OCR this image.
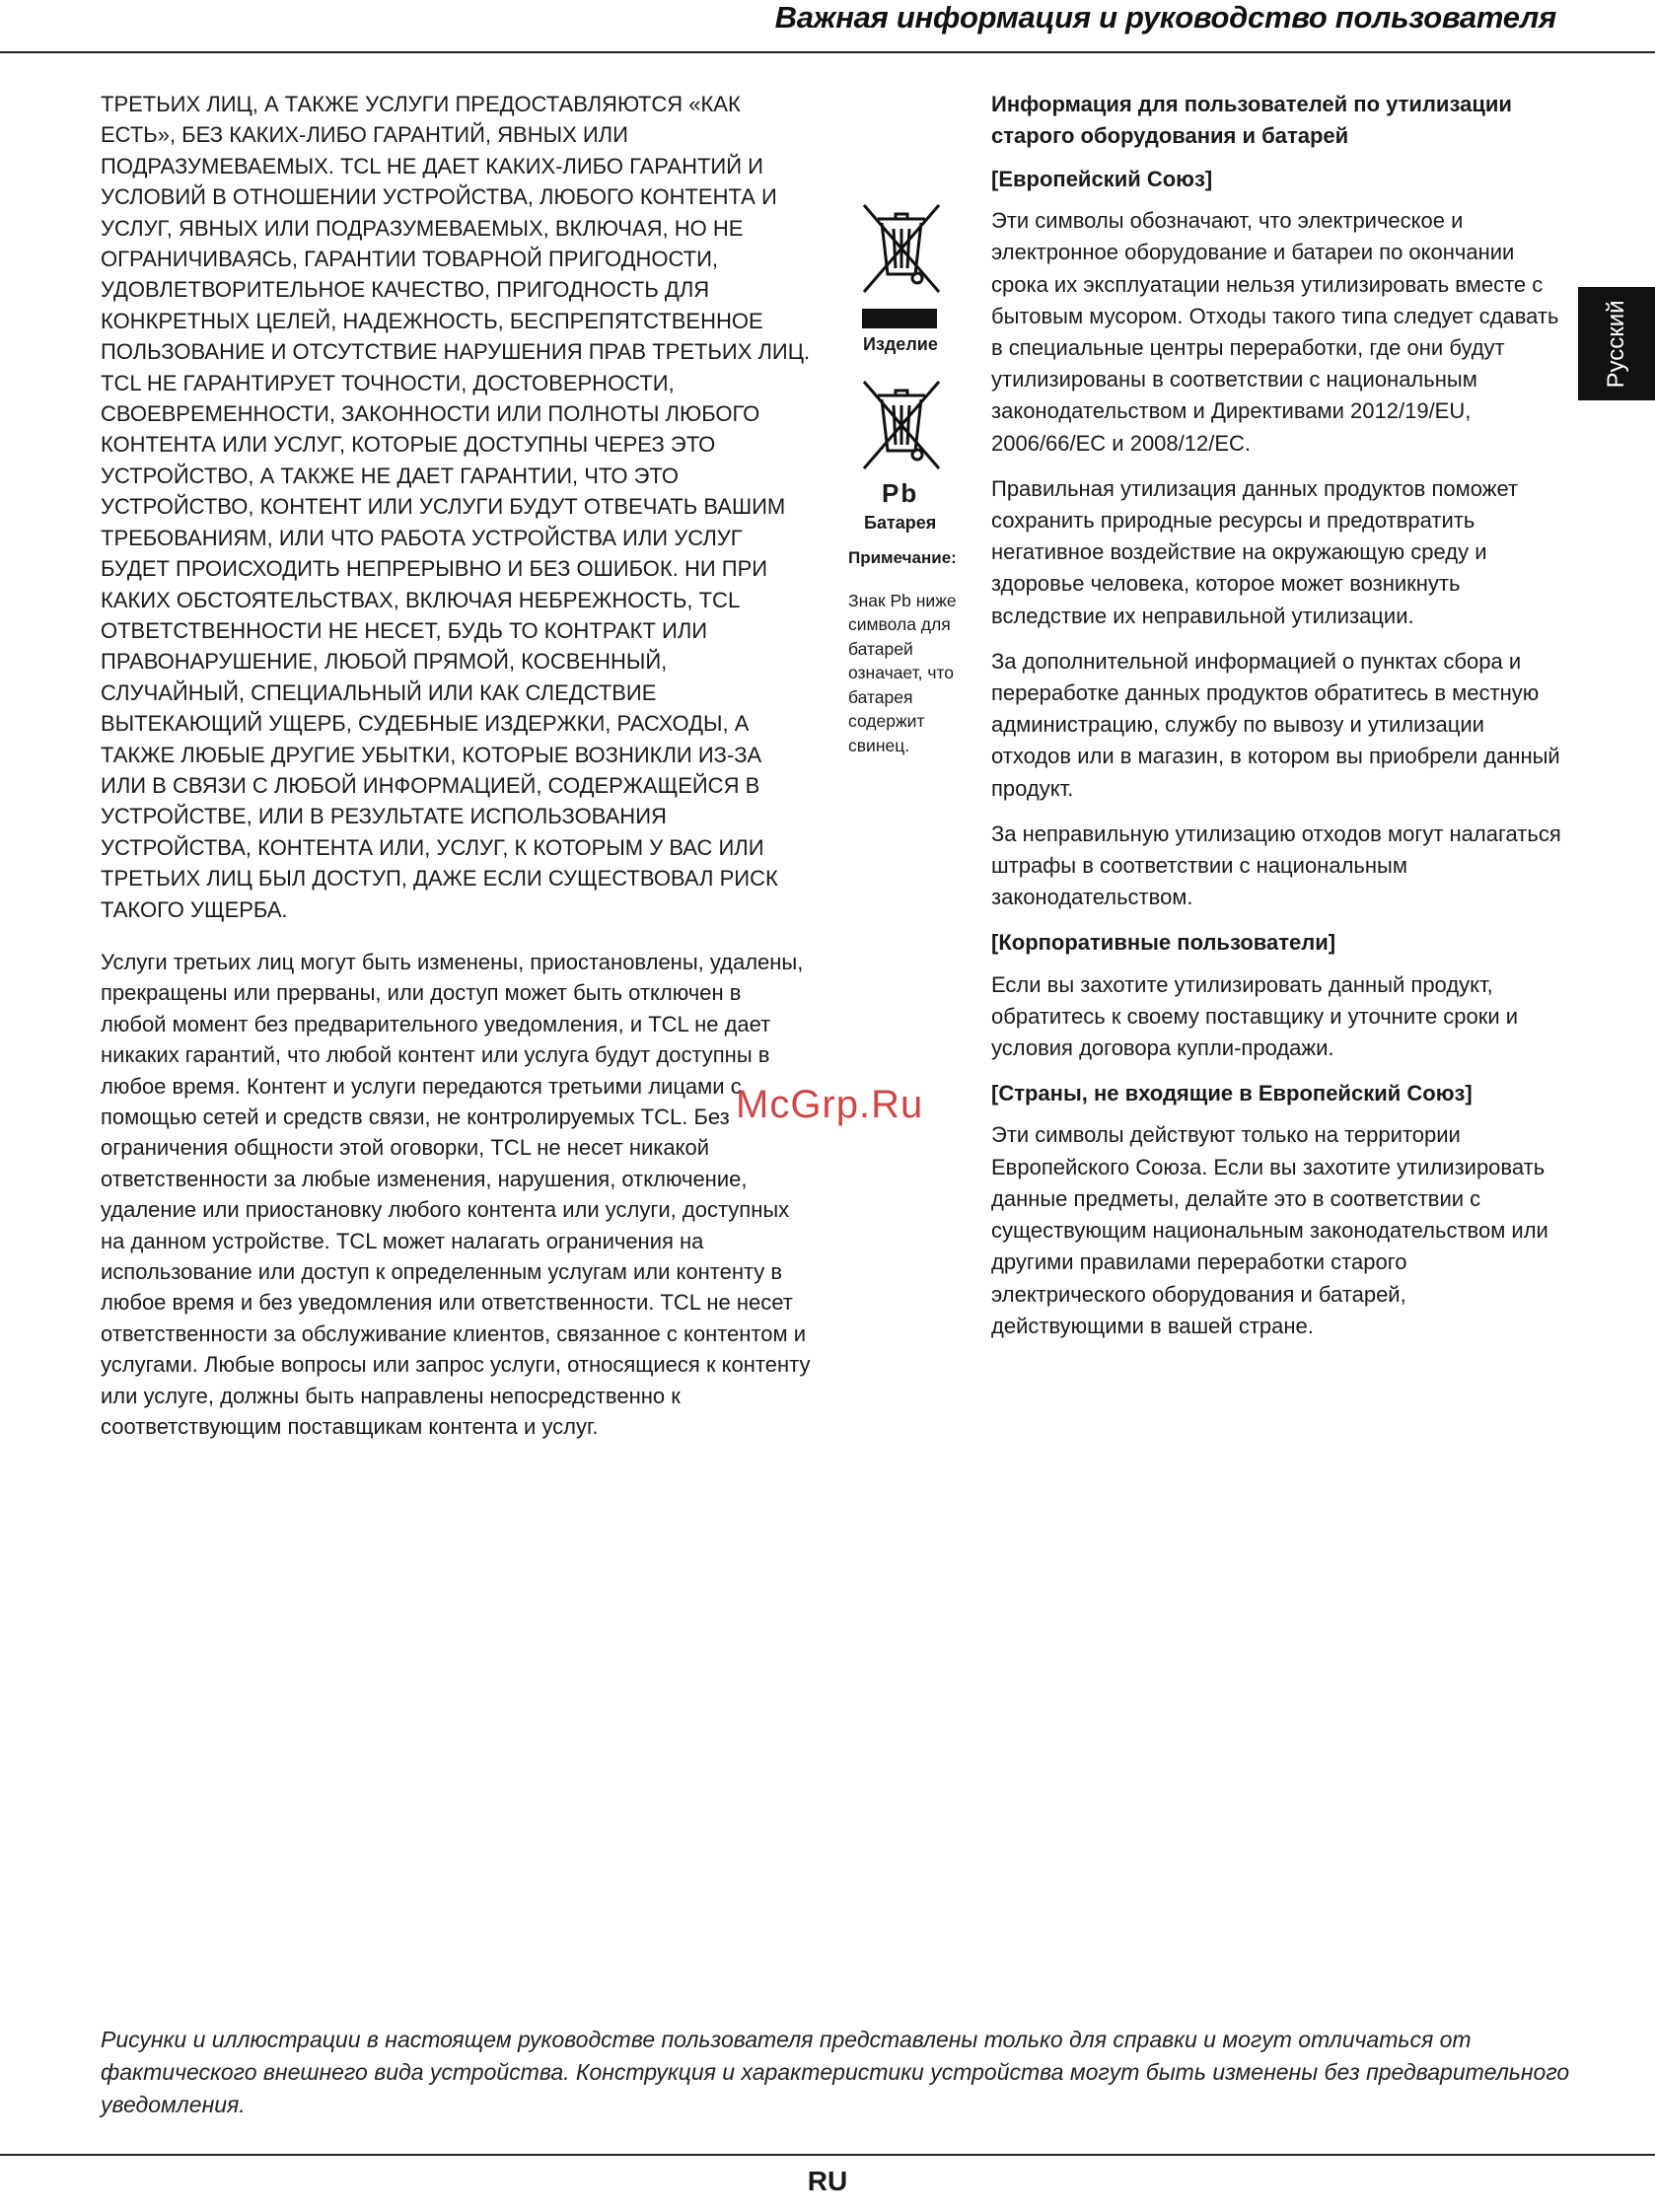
Важная информация и руководство пользователя
Русский

ТРЕТЬИХ ЛИЦ, А ТАКЖЕ УСЛУГИ ПРЕДОСТАВЛЯЮТСЯ «КАК ЕСТЬ», БЕЗ КАКИХ-ЛИБО ГАРАНТИЙ, ЯВНЫХ ИЛИ ПОДРАЗУМЕВАЕМЫХ. TCL НЕ ДАЕТ КАКИХ-ЛИБО ГАРАНТИЙ И УСЛОВИЙ В ОТНОШЕНИИ УСТРОЙСТВА, ЛЮБОГО КОНТЕНТА И УСЛУГ, ЯВНЫХ ИЛИ ПОДРАЗУМЕВАЕМЫХ, ВКЛЮЧАЯ, НО НЕ ОГРАНИЧИВАЯСЬ, ГАРАНТИИ ТОВАРНОЙ ПРИГОДНОСТИ, УДОВЛЕТВОРИТЕЛЬНОЕ КАЧЕСТВО, ПРИГОДНОСТЬ ДЛЯ КОНКРЕТНЫХ ЦЕЛЕЙ, НАДЕЖНОСТЬ, БЕСПРЕПЯТСТВЕННОЕ ПОЛЬЗОВАНИЕ И ОТСУТСТВИЕ НАРУШЕНИЯ ПРАВ ТРЕТЬИХ ЛИЦ. TCL НЕ ГАРАНТИРУЕТ ТОЧНОСТИ, ДОСТОВЕРНОСТИ, СВОЕВРЕМЕННОСТИ, ЗАКОННОСТИ ИЛИ ПОЛНОТЫ ЛЮБОГО КОНТЕНТА ИЛИ УСЛУГ, КОТОРЫЕ ДОСТУПНЫ ЧЕРЕЗ ЭТО УСТРОЙСТВО, А ТАКЖЕ НЕ ДАЕТ ГАРАНТИИ, ЧТО ЭТО УСТРОЙСТВО, КОНТЕНТ ИЛИ УСЛУГИ БУДУТ ОТВЕЧАТЬ ВАШИМ ТРЕБОВАНИЯМ, ИЛИ ЧТО РАБОТА УСТРОЙСТВА ИЛИ УСЛУГ БУДЕТ ПРОИСХОДИТЬ НЕПРЕРЫВНО И БЕЗ ОШИБОК. НИ ПРИ КАКИХ ОБСТОЯТЕЛЬСТВАХ, ВКЛЮЧАЯ НЕБРЕЖНОСТЬ, TCL ОТВЕТСТВЕННОСТИ НЕ НЕСЕТ, БУДЬ ТО КОНТРАКТ ИЛИ ПРАВОНАРУШЕНИЕ, ЛЮБОЙ ПРЯМОЙ, КОСВЕННЫЙ, СЛУЧАЙНЫЙ, СПЕЦИАЛЬНЫЙ ИЛИ КАК СЛЕДСТВИЕ ВЫТЕКАЮЩИЙ УЩЕРБ, СУДЕБНЫЕ ИЗДЕРЖКИ, РАСХОДЫ, А ТАКЖЕ ЛЮБЫЕ ДРУГИЕ УБЫТКИ, КОТОРЫЕ ВОЗНИКЛИ ИЗ-ЗА ИЛИ В СВЯЗИ С ЛЮБОЙ ИНФОРМАЦИЕЙ, СОДЕРЖАЩЕЙСЯ В УСТРОЙСТВЕ, ИЛИ В РЕЗУЛЬТАТЕ ИСПОЛЬЗОВАНИЯ УСТРОЙСТВА, КОНТЕНТА ИЛИ, УСЛУГ, К КОТОРЫМ У ВАС ИЛИ ТРЕТЬИХ ЛИЦ БЫЛ ДОСТУП, ДАЖЕ ЕСЛИ СУЩЕСТВОВАЛ РИСК ТАКОГО УЩЕРБА.

Услуги третьих лиц могут быть изменены, приостановлены, удалены, прекращены или прерваны, или доступ может быть отключен в любой момент без предварительного уведомления, и TCL не дает никаких гарантий, что любой контент или услуга будут доступны в любое время. Контент и услуги передаются третьими лицами с помощью сетей и средств связи, не контролируемых TCL. Без ограничения общности этой оговорки, TCL не несет никакой ответственности за любые изменения, нарушения, отключение, удаление или приостановку любого контента или услуги, доступных на данном устройстве. TCL может налагать ограничения на использование или доступ к определенным услугам или контенту в любое время и без уведомления или ответственности. TCL не несет ответственности за обслуживание клиентов, связанное с контентом и услугами. Любые вопросы или запрос услуги, относящиеся к контенту или услуге, должны быть направлены непосредственно к соответствующим поставщикам контента и услуг.

Изделие
Pb
Батарея
Примечание:
Знак Pb ниже символа для батарей означает, что батарея содержит свинец.
Информация для пользователей по утилизации старого оборудования и батарей
[Европейский Союз]

Эти символы обозначают, что электрическое и электронное оборудование и батареи по окончании срока их эксплуатации нельзя утилизировать вместе с бытовым мусором. Отходы такого типа следует сдавать в специальные центры переработки, где они будут утилизированы в соответствии с национальным законодательством и Директивами 2012/19/EU, 2006/66/EC и 2008/12/EC.

Правильная утилизация данных продуктов поможет сохранить природные ресурсы и предотвратить негативное воздействие на окружающую среду и здоровье человека, которое может возникнуть вследствие их неправильной утилизации.

За дополнительной информацией о пунктах сбора и переработке данных продуктов обратитесь в местную администрацию, службу по вывозу и утилизации отходов или в магазин, в котором вы приобрели данный продукт.

За неправильную утилизацию отходов могут налагаться штрафы в соответствии с национальным законодательством.

[Корпоративные пользователи]

Если вы захотите утилизировать данный продукт, обратитесь к своему поставщику и уточните сроки и условия договора купли-продажи.

[Страны, не входящие в Европейский Союз]

Эти символы действуют только на территории Европейского Союза. Если вы захотите утилизировать данные предметы, делайте это в соответствии с существующим национальным законодательством или другими правилами переработки старого электрического оборудования и батарей, действующими в вашей стране.

McGrp.Ru
Рисунки и иллюстрации в настоящем руководстве пользователя представлены только для справки и могут отличаться от фактического внешнего вида устройства. Конструкция и характеристики устройства могут быть изменены без предварительного уведомления.
RU
